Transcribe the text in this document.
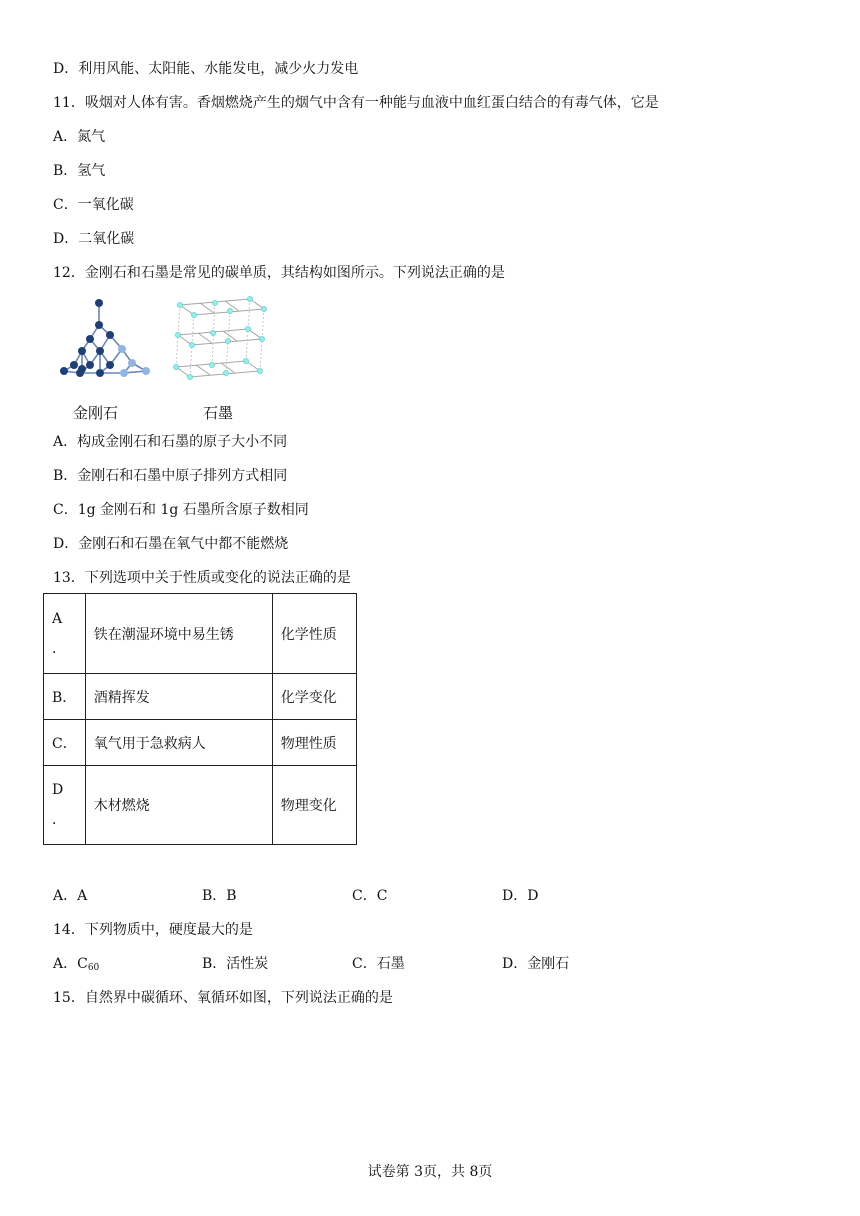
D．利用风能、太阳能、水能发电，减少火力发电
11．吸烟对人体有害。香烟燃烧产生的烟气中含有一种能与血液中血红蛋白结合的有毒气体，它是
A．氮气
B．氢气
C．一氧化碳
D．二氧化碳
12．金刚石和石墨是常见的碳单质，其结构如图所示。下列说法正确的是
金刚石	石墨
A．构成金刚石和石墨的原子大小不同
B．金刚石和石墨中原子排列方式相同
C．1g 金刚石和 1g 石墨所含原子数相同
D．金刚石和石墨在氧气中都不能燃烧
13．下列选项中关于性质或变化的说法正确的是
A
．	铁在潮湿环境中易生锈	化学性质
B．	酒精挥发	化学变化
C．	氧气用于急救病人	物理性质

D
．	木材燃烧	物理变化
A．A	B．B	C．C	D．D
14．下列物质中，硬度最大的是
A．$C_{60}$	B．活性炭	C．石墨	D．金刚石
15．自然界中碳循环、氧循环如图，下列说法正确的是
试卷第 3页，共 8页
